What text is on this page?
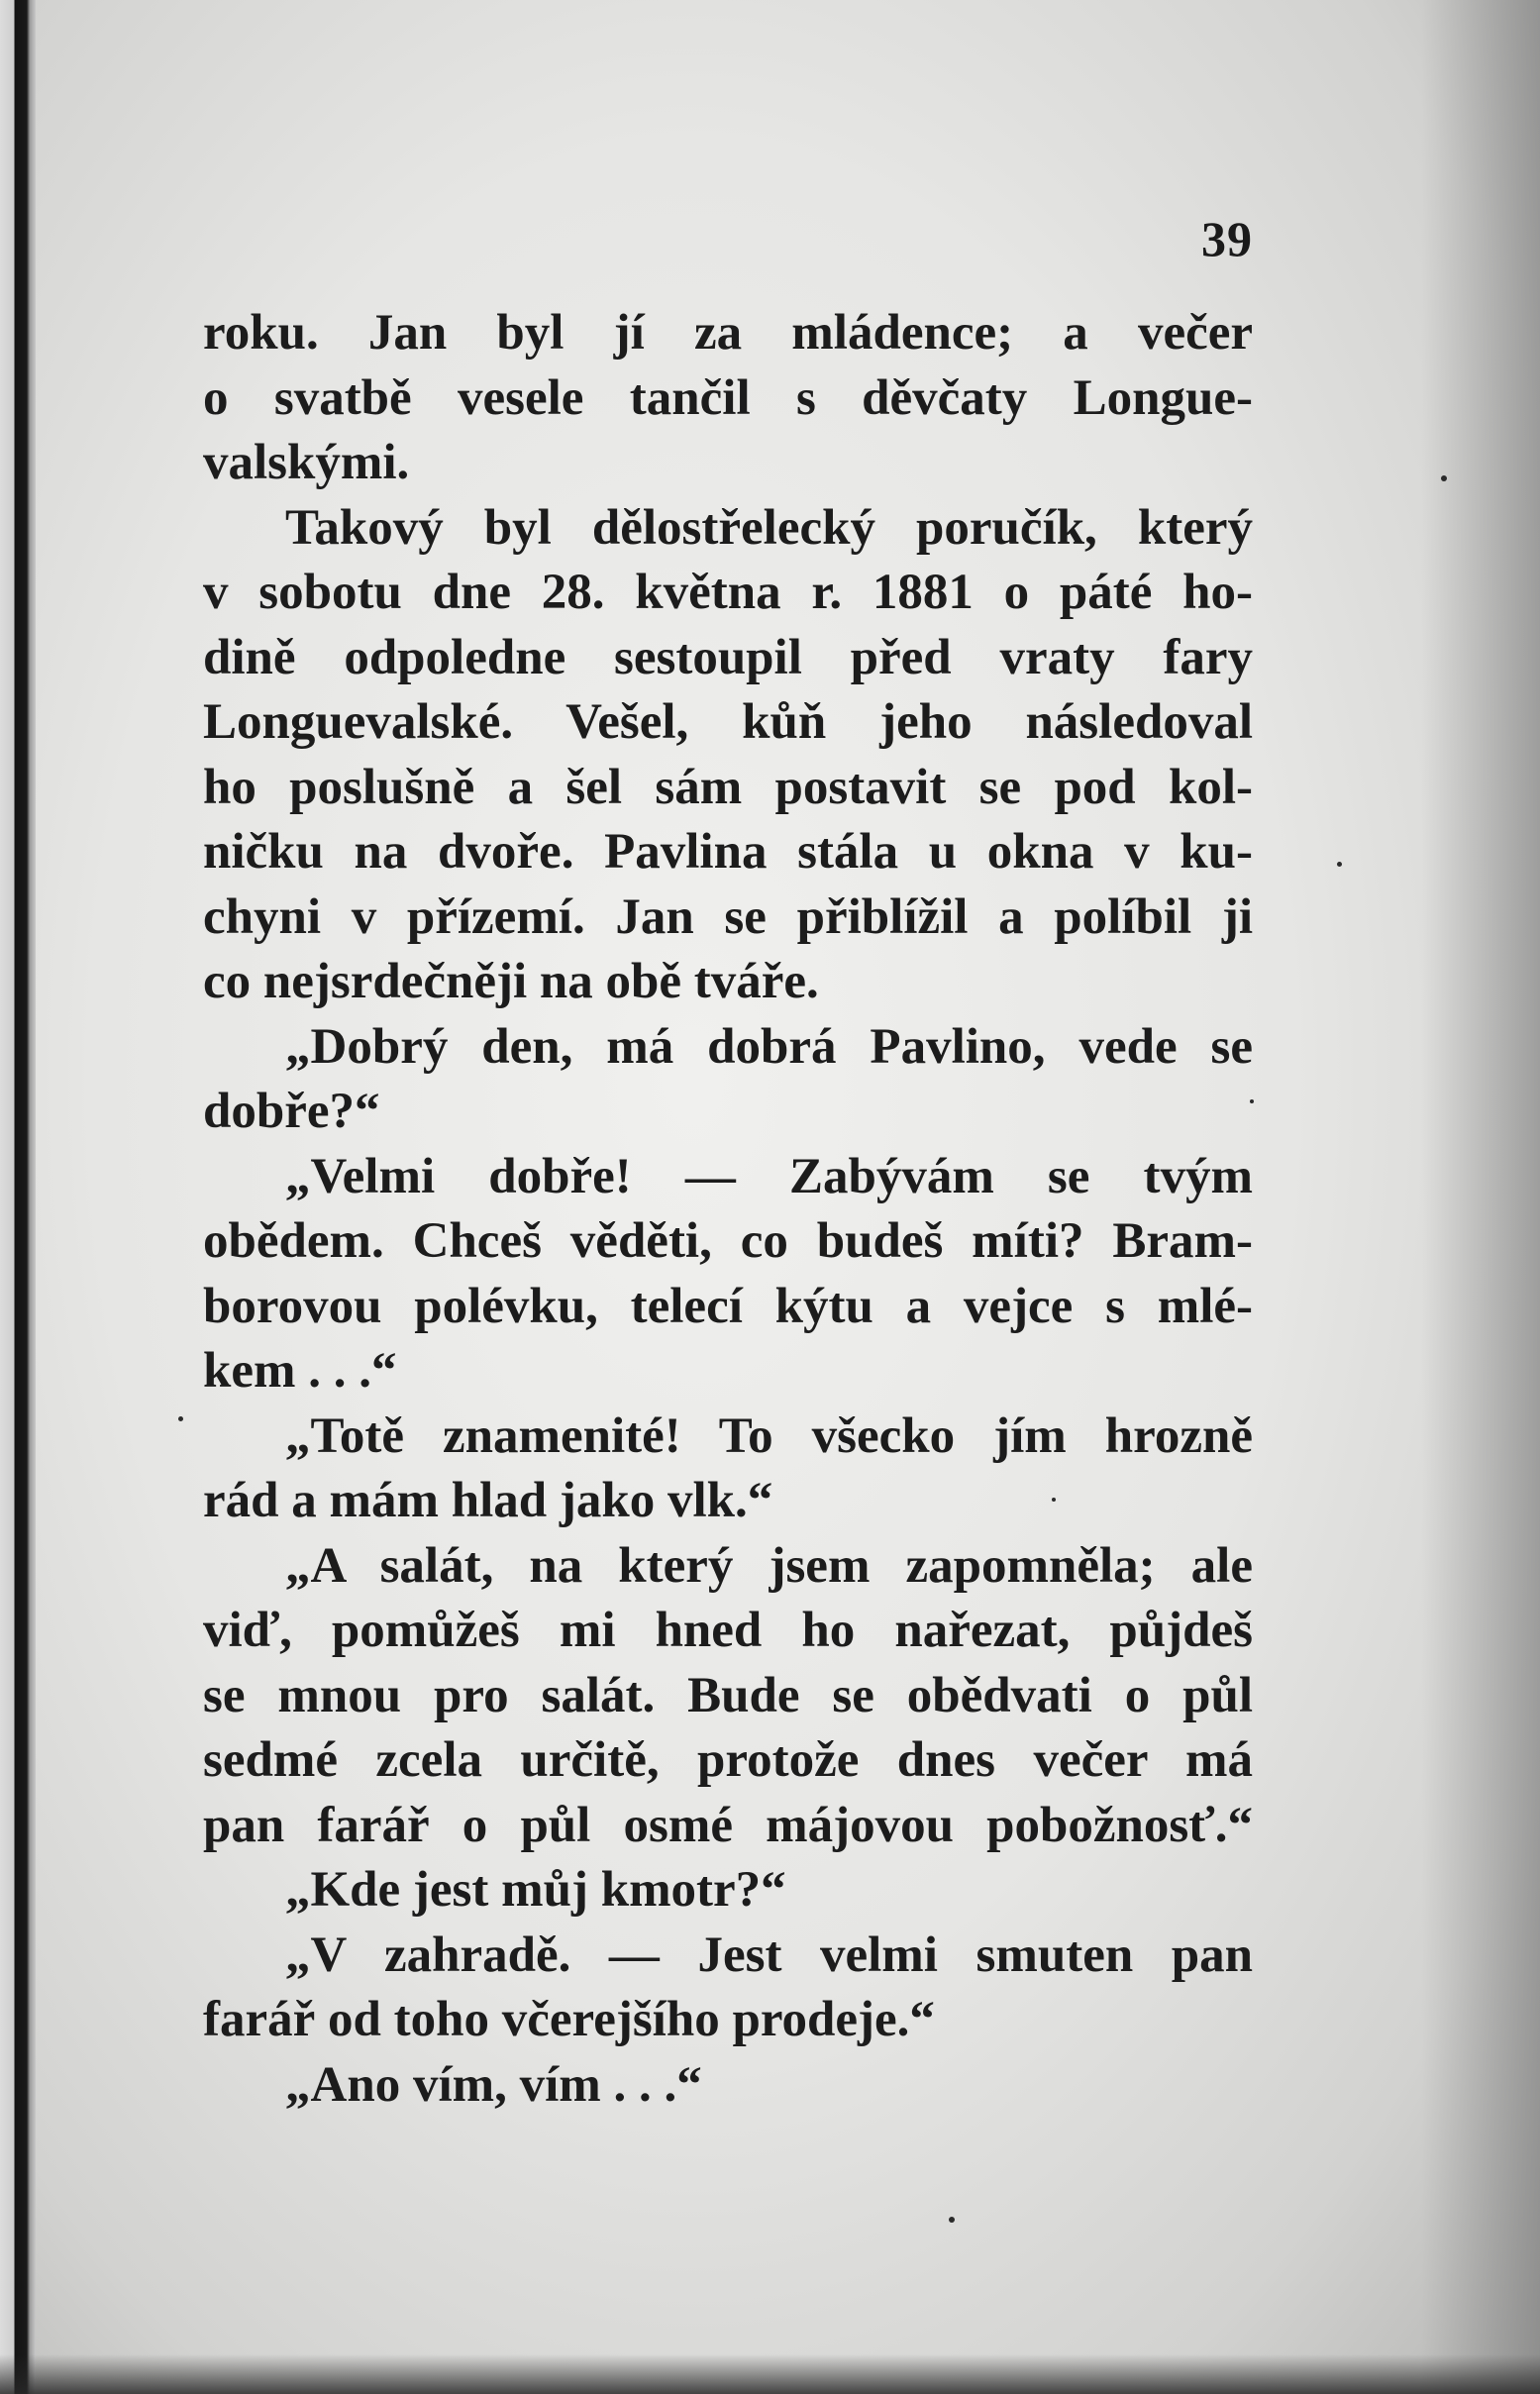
39
roku. Jan byl jí za mládence; a večer
o svatbě vesele tančil s děvčaty Longue-
valskými.
Takový byl dělostřelecký poručík, který
v sobotu dne 28. května r. 1881 o páté ho-
dině odpoledne sestoupil před vraty fary
Longuevalské. Vešel, kůň jeho následoval
ho poslušně a šel sám postavit se pod kol-
ničku na dvoře. Pavlina stála u okna v ku-
chyni v přízemí. Jan se přiblížil a políbil ji
co nejsrdečněji na obě tváře.
„Dobrý den, má dobrá Pavlino, vede se
dobře?“
„Velmi dobře! — Zabývám se tvým
obědem. Chceš věděti, co budeš míti? Bram-
borovou polévku, telecí kýtu a vejce s mlé-
kem . . .“
„Totě znamenité! To všecko jím hrozně
rád a mám hlad jako vlk.“
„A salát, na který jsem zapomněla; ale
viď, pomůžeš mi hned ho nařezat, půjdeš
se mnou pro salát. Bude se obědvati o půl
sedmé zcela určitě, protože dnes večer má
pan farář o půl osmé májovou pobožnosť.“
„Kde jest můj kmotr?“
„V zahradě. — Jest velmi smuten pan
farář od toho včerejšího prodeje.“
„Ano vím, vím . . .“
